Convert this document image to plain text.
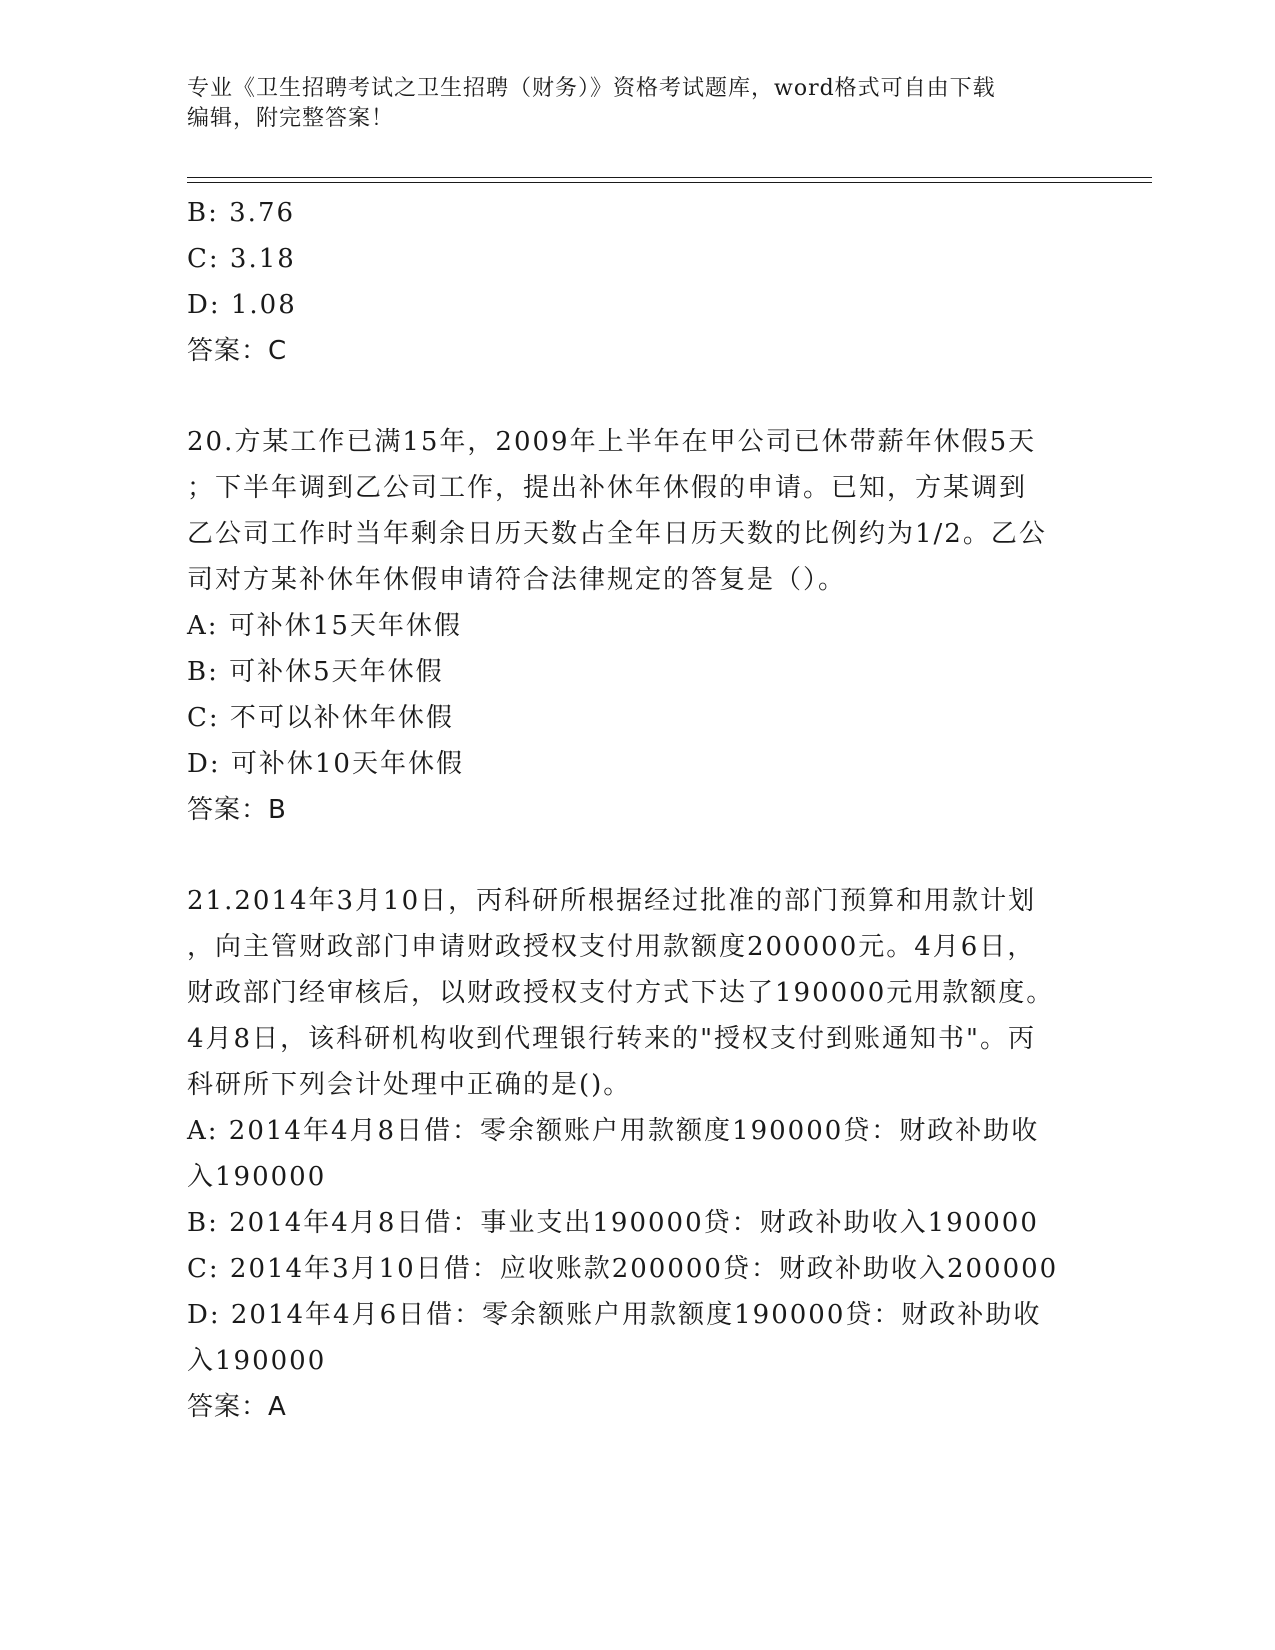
专业《卫生招聘考试之卫生招聘（财务）》资格考试题库，word格式可自由下载
编辑，附完整答案！
B: 3.76
C: 3.18
D: 1.08
答案：C
20.方某工作已满15年，2009年上半年在甲公司已休带薪年休假5天
；下半年调到乙公司工作，提出补休年休假的申请。已知，方某调到
乙公司工作时当年剩余日历天数占全年日历天数的比例约为1/2。乙公
司对方某补休年休假申请符合法律规定的答复是（）。
A: 可补休15天年休假
B: 可补休5天年休假
C: 不可以补休年休假
D: 可补休10天年休假
答案：B
21.2014年3月10日，丙科研所根据经过批准的部门预算和用款计划
，向主管财政部门申请财政授权支付用款额度200000元。4月6日，
财政部门经审核后，以财政授权支付方式下达了190000元用款额度。
4月8日，该科研机构收到代理银行转来的"授权支付到账通知书"。丙
科研所下列会计处理中正确的是()。
A: 2014年4月8日借：零余额账户用款额度190000贷：财政补助收
入190000
B: 2014年4月8日借：事业支出190000贷：财政补助收入190000
C: 2014年3月10日借：应收账款200000贷：财政补助收入200000
D: 2014年4月6日借：零余额账户用款额度190000贷：财政补助收
入190000
答案：A
